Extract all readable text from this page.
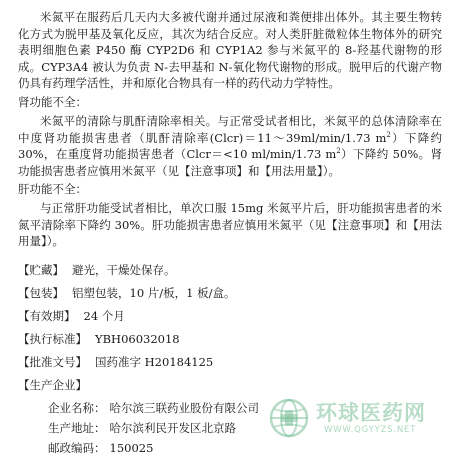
米氮平在服药后几天内大多被代谢并通过尿液和粪便排出体外。其主要生物转化方式为脱甲基及氧化反应，其次为结合反应。对人类肝脏微粒体生物体外的研究表明细胞色素 P450 酶 CYP2D6 和 CYP1A2 参与米氮平的 8-羟基代谢物的形成。CYP3A4 被认为负责 N-去甲基和 N-氧化物代谢物的形成。脱甲后的代谢产物仍具有药理学活性，并和原化合物具有一样的药代动力学特性。

肾功能不全：

米氮平的清除与肌酐清除率相关。与正常受试者相比，米氮平的总体清除率在中度肾功能损害患者（肌酐清除率(Clcr)＝11～39ml/min/1.73 $m^2$）下降约 30%，在重度肾功能损害患者（Clcr＝<10 ml/min/1.73 $m^2$）下降约 50%。肾功能损害患者应慎用米氮平（见【注意事项】和【用法用量】）。

肝功能不全：

与正常肝功能受试者相比，单次口服 15mg 米氮平片后，肝功能损害患者的米氮平清除率下降约 30%。肝功能损害患者应慎用米氮平（见【注意事项】和【用法用量】）。

【贮藏】 避光，干燥处保存。
【包装】 铝塑包装，10 片/板，1 板/盒。
【有效期】 24 个月
【执行标准】 YBH06032018
【批准文号】 国药准字 H20184125
【生产企业】
企业名称： 哈尔滨三联药业股份有限公司
生产地址： 哈尔滨利民开发区北京路
邮政编码： 150025
环球医药网
WWW.QGYYZS.NET
